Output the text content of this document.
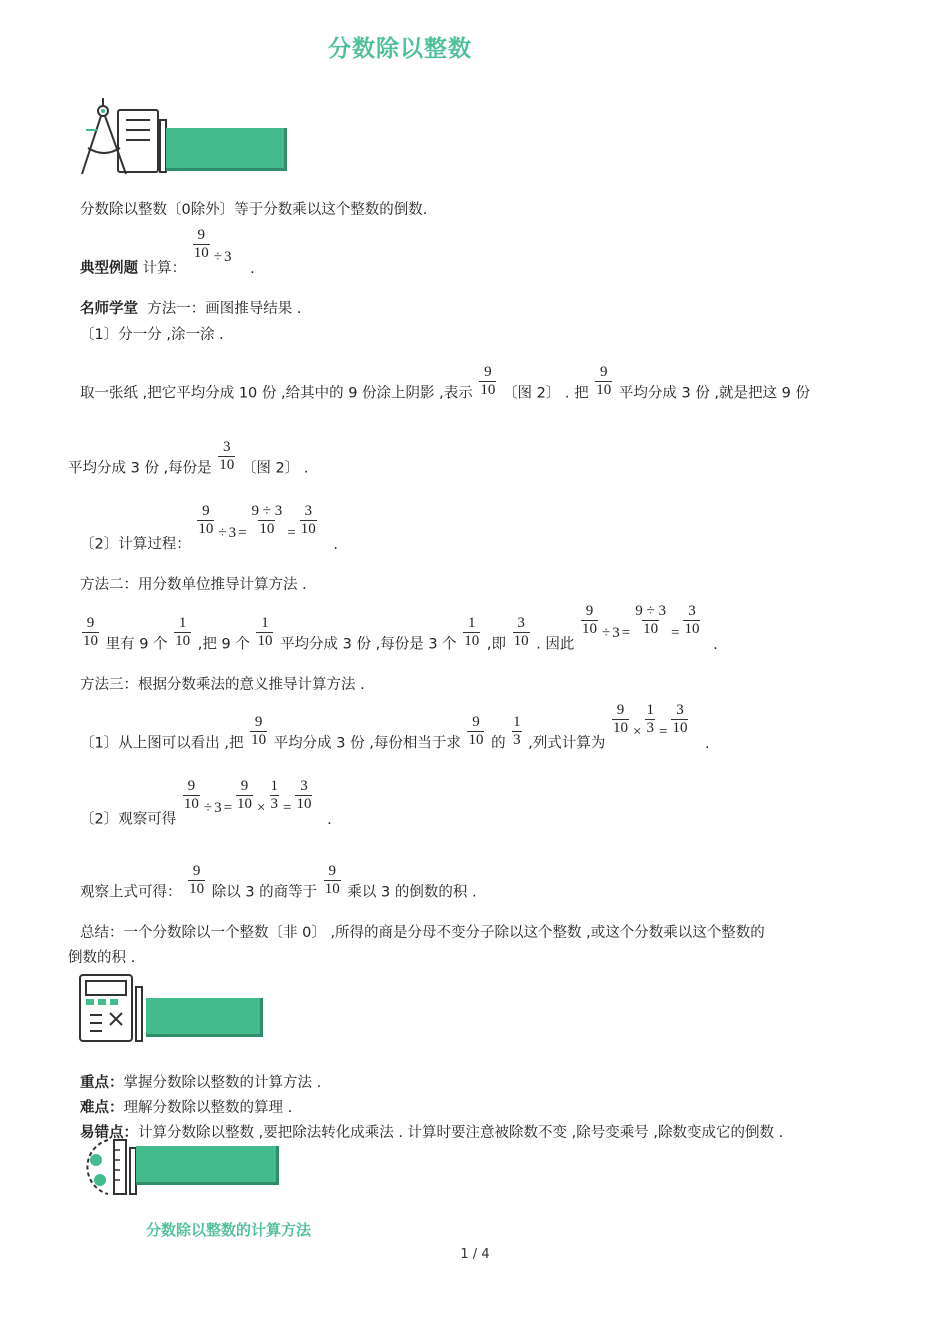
分数除以整数
分数除以整数〔0除外〕等于分数乘以这个整数的倒数.
典型例题 计算：
$\frac{9}{10} \div 3$
.
名师学堂 方法一：画图推导结果 .
〔1〕分一分 ,涂一涂 .
取一张纸 ,把它平均分成 10 份 ,给其中的 9 份涂上阴影 ,表示 $\frac{9}{10}$ 〔图 2〕 . 把 $\frac{9}{10}$ 平均分成 3 份 ,就是把这 9 份
平均分成 3 份 ,每份是 $\frac{3}{10}$ 〔图 2〕 .
〔2〕计算过程：
$\frac{9}{10} \div 3 = \frac{9 \div 3}{10} = \frac{3}{10}$
.
方法二：用分数单位推导计算方法 .
$\frac{9}{10}$ 里有 9 个 $\frac{1}{10}$ ,把 9 个 $\frac{1}{10}$ 平均分成 3 份 ,每份是 3 个 $\frac{1}{10}$ ,即 $\frac{3}{10}$ . 因此
$\frac{9}{10} \div 3 = \frac{9 \div 3}{10} = \frac{3}{10}$
.
方法三：根据分数乘法的意义推导计算方法 .
〔1〕从上图可以看出 ,把 $\frac{9}{10}$ 平均分成 3 份 ,每份相当于求 $\frac{9}{10}$ 的 $\frac{1}{3}$ ,列式计算为
$\frac{9}{10} \times \frac{1}{3} = \frac{3}{10}$
.
〔2〕观察可得
$\frac{9}{10} \div 3 = \frac{9}{10} \times \frac{1}{3} = \frac{3}{10}$
.
观察上式可得： $\frac{9}{10}$ 除以 3 的商等于 $\frac{9}{10}$ 乘以 3 的倒数的积 .
总结：一个分数除以一个整数〔非 0〕 ,所得的商是分母不变分子除以这个整数 ,或这个分数乘以这个整数的
倒数的积 .
重点：掌握分数除以整数的计算方法 .
难点：理解分数除以整数的算理 .
易错点：计算分数除以整数 ,要把除法转化成乘法 . 计算时要注意被除数不变 ,除号变乘号 ,除数变成它的倒数 .
分数除以整数的计算方法
1 / 4
